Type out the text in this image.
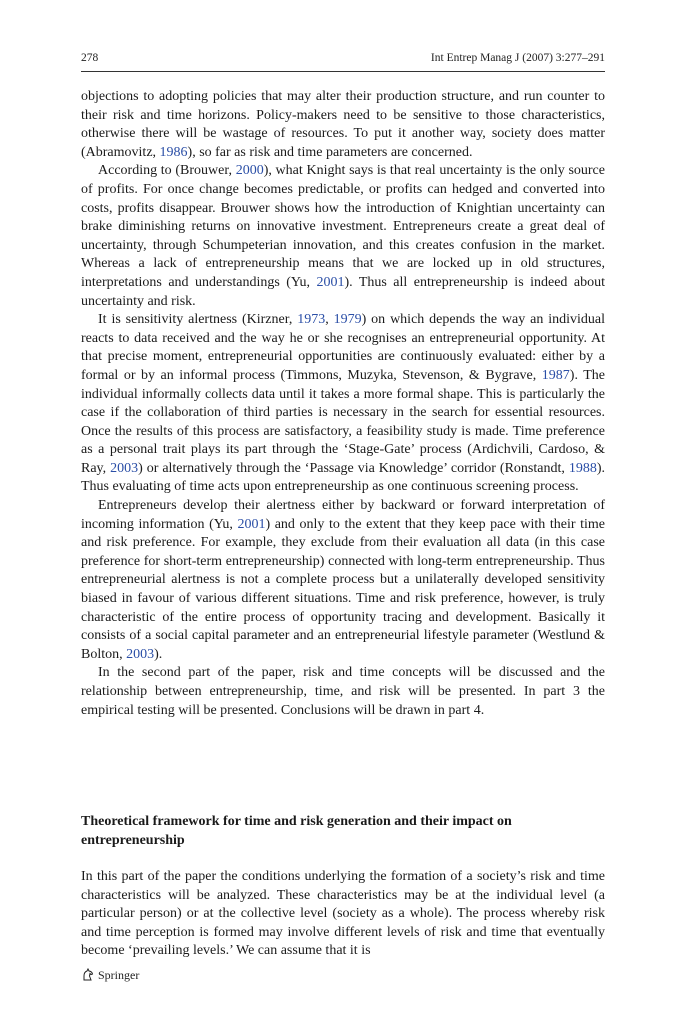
278	Int Entrep Manag J (2007) 3:277–291

objections to adopting policies that may alter their production structure, and run counter to their risk and time horizons. Policy-makers need to be sensitive to those characteristics, otherwise there will be wastage of resources. To put it another way, society does matter (Abramovitz, 1986), so far as risk and time parameters are concerned.

According to (Brouwer, 2000), what Knight says is that real uncertainty is the only source of profits. For once change becomes predictable, or profits can hedged and converted into costs, profits disappear. Brouwer shows how the introduction of Knightian uncertainty can brake diminishing returns on innovative investment. Entrepreneurs create a great deal of uncertainty, through Schumpeterian innovation, and this creates confusion in the market. Whereas a lack of entrepreneurship means that we are locked up in old structures, interpretations and understandings (Yu, 2001). Thus all entrepreneurship is indeed about uncertainty and risk.

It is sensitivity alertness (Kirzner, 1973, 1979) on which depends the way an individual reacts to data received and the way he or she recognises an entrepreneurial opportunity. At that precise moment, entrepreneurial opportunities are continuously evaluated: either by a formal or by an informal process (Timmons, Muzyka, Stevenson, & Bygrave, 1987). The individual informally collects data until it takes a more formal shape. This is particularly the case if the collaboration of third parties is necessary in the search for essential resources. Once the results of this process are satisfactory, a feasibility study is made. Time preference as a personal trait plays its part through the ‘Stage-Gate’ process (Ardichvili, Cardoso, & Ray, 2003) or alternatively through the ‘Passage via Knowledge’ corridor (Ronstandt, 1988). Thus evaluating of time acts upon entrepreneurship as one continuous screening process.

Entrepreneurs develop their alertness either by backward or forward interpretation of incoming information (Yu, 2001) and only to the extent that they keep pace with their time and risk preference. For example, they exclude from their evaluation all data (in this case preference for short-term entrepreneurship) connected with long-term entrepreneurship. Thus entrepreneurial alertness is not a complete process but a unilaterally developed sensitivity biased in favour of various different situations. Time and risk preference, however, is truly characteristic of the entire process of opportunity tracing and development. Basically it consists of a social capital parameter and an entrepreneurial lifestyle parameter (Westlund & Bolton, 2003).

In the second part of the paper, risk and time concepts will be discussed and the relationship between entrepreneurship, time, and risk will be presented. In part 3 the empirical testing will be presented. Conclusions will be drawn in part 4.

Theoretical framework for time and risk generation and their impact on entrepreneurship

In this part of the paper the conditions underlying the formation of a society’s risk and time characteristics will be analyzed. These characteristics may be at the individual level (a particular person) or at the collective level (society as a whole). The process whereby risk and time perception is formed may involve different levels of risk and time that eventually become ‘prevailing levels.’ We can assume that it is

Springer
